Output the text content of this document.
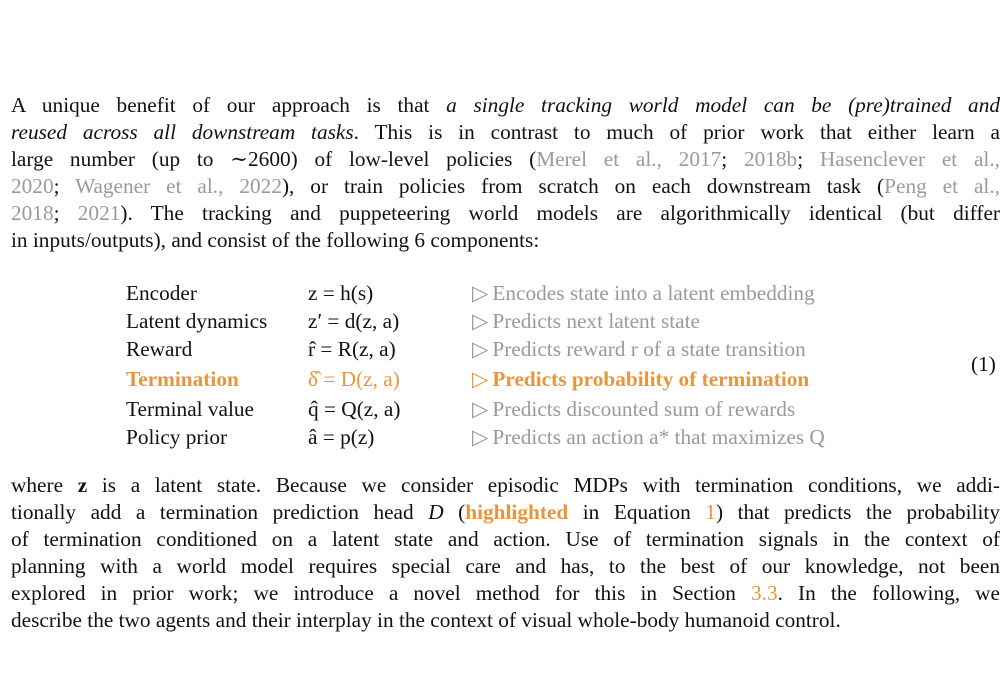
A unique benefit of our approach is that a single tracking world model can be (pre)trained and
reused across all downstream tasks. This is in contrast to much of prior work that either learn a
large number (up to ∼2600) of low-level policies (Merel et al., 2017; 2018b; Hasenclever et al.,
2020; Wagener et al., 2022), or train policies from scratch on each downstream task (Peng et al.,
2018; 2021). The tracking and puppeteering world models are algorithmically identical (but differ
in inputs/outputs), and consist of the following 6 components:

Encoder	z = h(s)	▷ Encodes state into a latent embedding
Latent dynamics	z′ = d(z, a)	▷ Predicts next latent state
Reward	r̂ = R(z, a)	▷ Predicts reward r of a state transition
Termination	δ̂ = D(z, a)	▷ Predicts probability of termination
Terminal value	q̂ = Q(z, a)	▷ Predicts discounted sum of rewards
Policy prior	â = p(z)	▷ Predicts an action a* that maximizes Q
(1)

where z is a latent state. Because we consider episodic MDPs with termination conditions, we addi-
tionally add a termination prediction head D (highlighted in Equation 1) that predicts the probability
of termination conditioned on a latent state and action. Use of termination signals in the context of
planning with a world model requires special care and has, to the best of our knowledge, not been
explored in prior work; we introduce a novel method for this in Section 3.3. In the following, we
describe the two agents and their interplay in the context of visual whole-body humanoid control.
